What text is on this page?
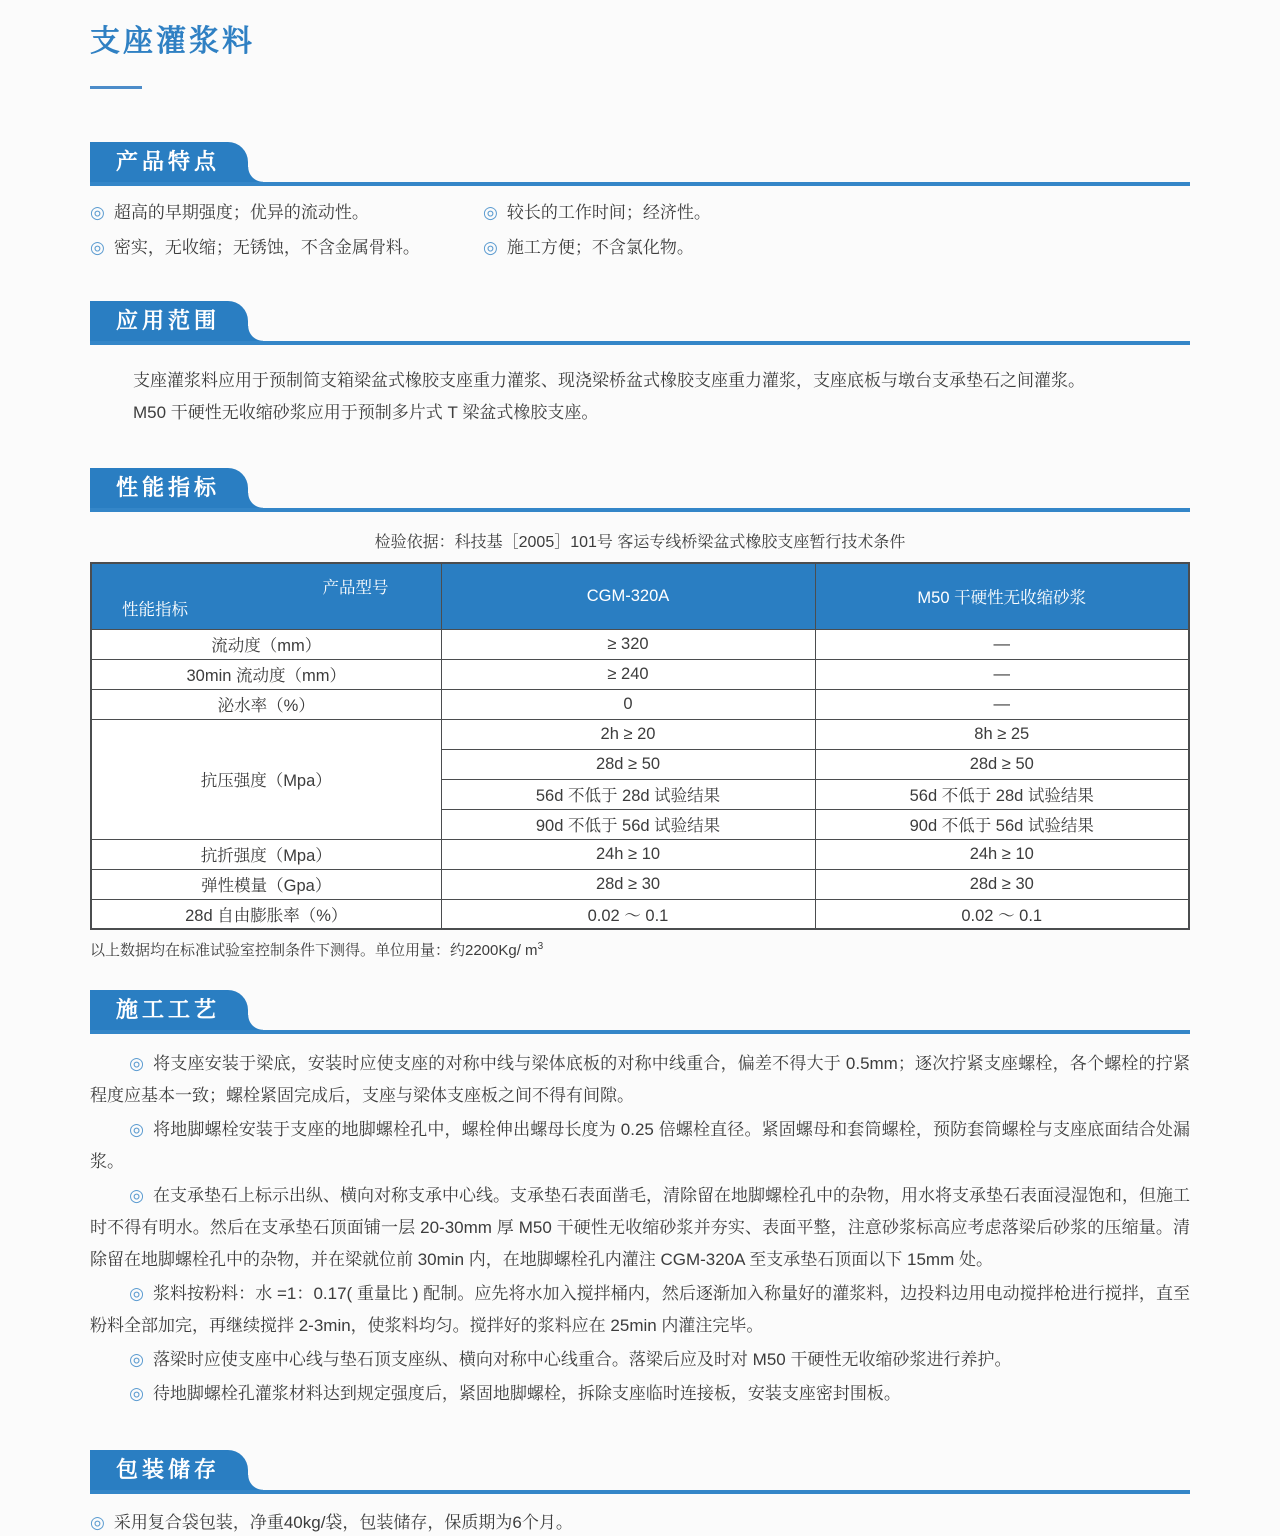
支座灌浆料
产品特点
◎ 超高的早期强度；优异的流动性。
◎ 密实，无收缩；无锈蚀，不含金属骨料。
◎ 较长的工作时间；经济性。
◎ 施工方便；不含氯化物。
应用范围
支座灌浆料应用于预制简支箱梁盆式橡胶支座重力灌浆、现浇梁桥盆式橡胶支座重力灌浆，支座底板与墩台支承垫石之间灌浆。
M50 干硬性无收缩砂浆应用于预制多片式 T 梁盆式橡胶支座。
性能指标
检验依据：科技基［2005］101号 客运专线桥梁盆式橡胶支座暂行技术条件
产品型号
性能指标	CGM-320A	M50 干硬性无收缩砂浆
流动度（mm）	≥ 320	—
30min 流动度（mm）	≥ 240	—
泌水率（%）	0	—
抗压强度（Mpa）	2h ≥ 20	8h ≥ 25
	28d ≥ 50	28d ≥ 50
	56d 不低于 28d 试验结果	56d 不低于 28d 试验结果
	90d 不低于 56d 试验结果	90d 不低于 56d 试验结果
抗折强度（Mpa）	24h ≥ 10	24h ≥ 10
弹性模量（Gpa）	28d ≥ 30	28d ≥ 30
28d 自由膨胀率（%）	0.02 ～ 0.1	0.02 ～ 0.1
以上数据均在标准试验室控制条件下测得。单位用量：约2200Kg/ $m^3$
施工工艺

◎ 将支座安装于梁底，安装时应使支座的对称中线与梁体底板的对称中线重合，偏差不得大于 0.5mm；逐次拧紧支座螺栓，各个螺栓的拧紧程度应基本一致；螺栓紧固完成后，支座与梁体支座板之间不得有间隙。

◎ 将地脚螺栓安装于支座的地脚螺栓孔中，螺栓伸出螺母长度为 0.25 倍螺栓直径。紧固螺母和套筒螺栓，预防套筒螺栓与支座底面结合处漏浆。

◎ 在支承垫石上标示出纵、横向对称支承中心线。支承垫石表面凿毛，清除留在地脚螺栓孔中的杂物，用水将支承垫石表面浸湿饱和，但施工时不得有明水。然后在支承垫石顶面铺一层 20-30mm 厚 M50 干硬性无收缩砂浆并夯实、表面平整，注意砂浆标高应考虑落梁后砂浆的压缩量。清除留在地脚螺栓孔中的杂物，并在梁就位前 30min 内，在地脚螺栓孔内灌注 CGM-320A 至支承垫石顶面以下 15mm 处。

◎ 浆料按粉料：水 =1：0.17( 重量比 ) 配制。应先将水加入搅拌桶内，然后逐渐加入称量好的灌浆料，边投料边用电动搅拌枪进行搅拌，直至粉料全部加完，再继续搅拌 2-3min，使浆料均匀。搅拌好的浆料应在 25min 内灌注完毕。

◎ 落梁时应使支座中心线与垫石顶支座纵、横向对称中心线重合。落梁后应及时对 M50 干硬性无收缩砂浆进行养护。

◎ 待地脚螺栓孔灌浆材料达到规定强度后，紧固地脚螺栓，拆除支座临时连接板，安装支座密封围板。

包装储存
◎ 采用复合袋包装，净重40kg/袋，包装储存，保质期为6个月。
